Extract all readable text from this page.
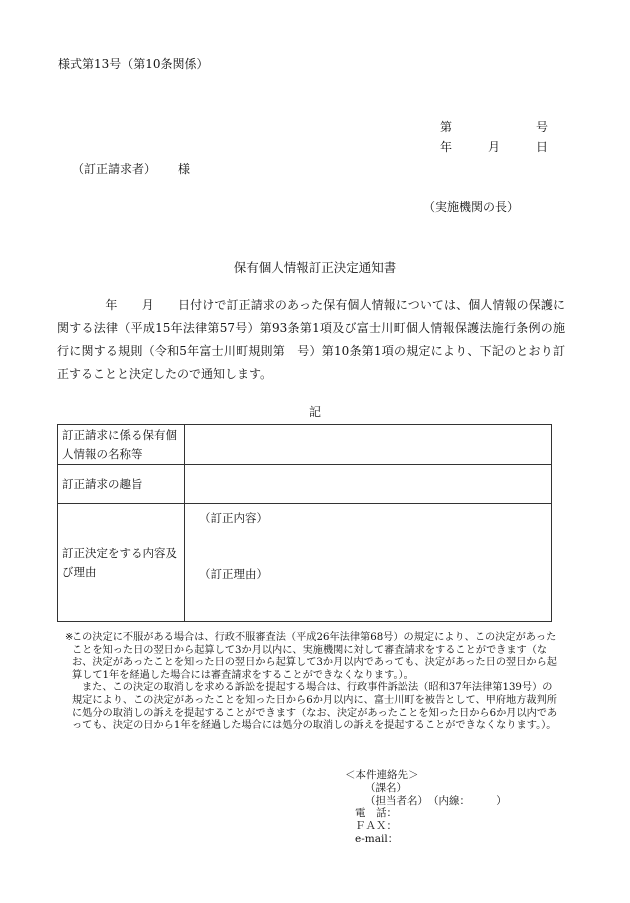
様式第13号（第10条関係）
第	号
年	月	日
（訂正請求者） 様
（実施機関の長）
保有個人情報訂正決定通知書
　　　　年　　月　　日付けで訂正請求のあった保有個人情報については、個人情報の保護に関する法律（平成15年法律第57号）第93条第1項及び富士川町個人情報保護法施行条例の施行に関する規則（令和5年富士川町規則第　号）第10条第1項の規定により、下記のとおり訂正することと決定したので通知します。
記
訂正請求に係る保有個人情報の名称等	
訂正請求の趣旨	
訂正決定をする内容及び理由	（訂正内容）
（訂正理由）
※

この決定に不服がある場合は、行政不服審査法（平成26年法律第68号）の規定により、この決定があったことを知った日の翌日から起算して3か月以内に、実施機関に対して審査請求をすることができます（なお、決定があったことを知った日の翌日から起算して3か月以内であっても、決定があった日の翌日から起算して1年を経過した場合には審査請求をすることができなくなります。）。

また、この決定の取消しを求める訴訟を提起する場合は、行政事件訴訟法（昭和37年法律第139号）の規定により、この決定があったことを知った日から6か月以内に、富士川町を被告として、甲府地方裁判所に処分の取消しの訴えを提起することができます（なお、決定があったことを知った日から6か月以内であっても、決定の日から1年を経過した場合には処分の取消しの訴えを提起することができなくなります。）。

＜本件連絡先＞
（課名）
（担当者名）　（内線：　　　）
電　話：
ＦＡＸ：
e-mail：
